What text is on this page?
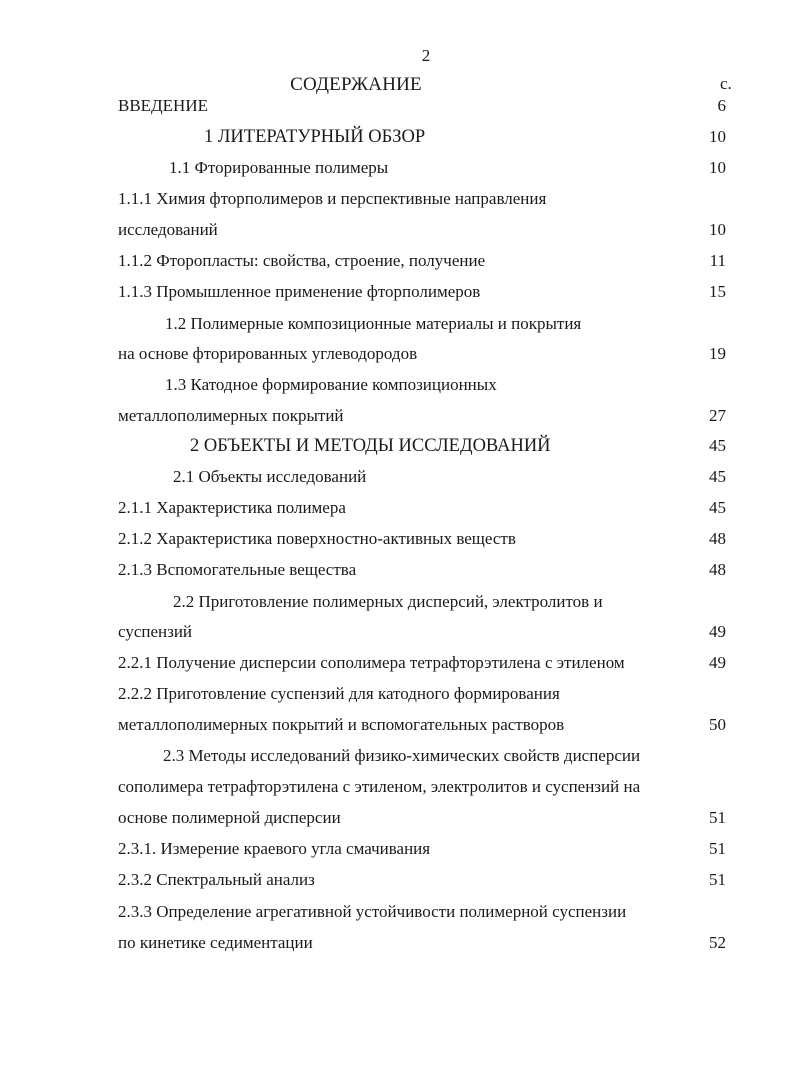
2

СОДЕРЖАНИЕ	с.
ВВЕДЕНИЕ	6
1 ЛИТЕРАТУРНЫЙ ОБЗОР	10
1.1 Фторированные полимеры	10
1.1.1 Химия фторполимеров и перспективные направления
исследований	10
1.1.2 Фторопласты: свойства, строение, получение	11
1.1.3 Промышленное применение фторполимеров	15
1.2 Полимерные композиционные материалы и покрытия
на основе фторированных углеводородов	19
1.3 Катодное формирование композиционных
металлополимерных покрытий	27
2 ОБЪЕКТЫ И МЕТОДЫ ИССЛЕДОВАНИЙ	45
2.1 Объекты исследований	45
2.1.1 Характеристика полимера	45
2.1.2 Характеристика поверхностно-активных веществ	48
2.1.3 Вспомогательные вещества	48
2.2 Приготовление полимерных дисперсий, электролитов и
суспензий	49
2.2.1 Получение дисперсии сополимера тетрафторэтилена с этиленом	49
2.2.2 Приготовление суспензий для катодного формирования
металлополимерных покрытий и вспомогательных растворов	50
2.3 Методы исследований физико-химических свойств дисперсии
сополимера тетрафторэтилена с этиленом, электролитов и суспензий на
основе полимерной дисперсии	51
2.3.1. Измерение краевого угла смачивания	51
2.3.2 Спектральный анализ	51
2.3.3 Определение агрегативной устойчивости полимерной суспензии
по кинетике седиментации	52
